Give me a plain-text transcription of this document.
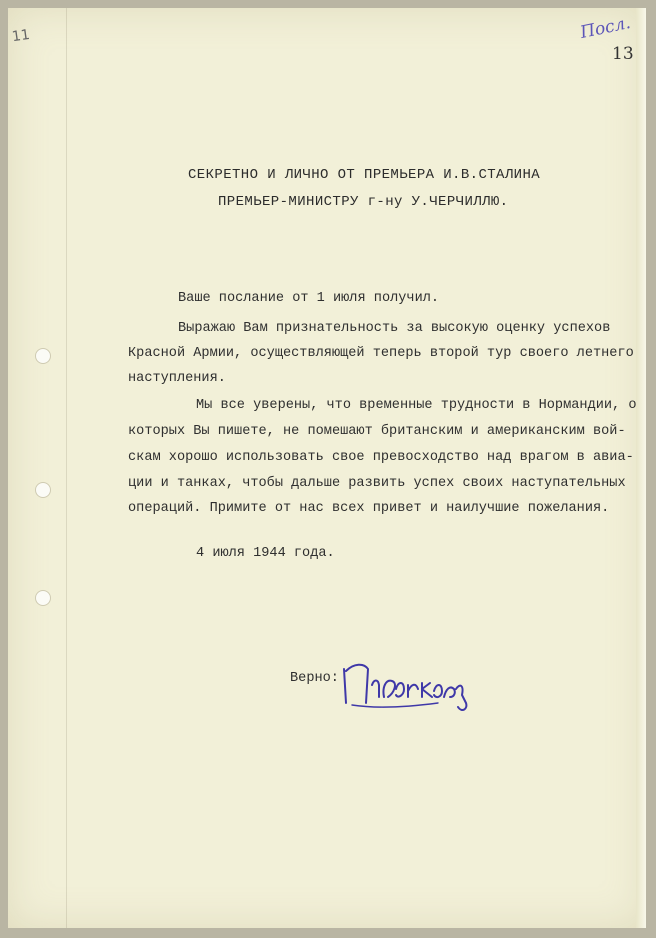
11	Поcл.
13
СЕКРЕТНО И ЛИЧНО ОТ ПРЕМЬЕРА И.В.СТАЛИНА
ПРЕМЬЕР-МИНИСТРУ г-ну У.ЧЕРЧИЛЛЮ.
Ваше послание от 1 июля получил.
Выражаю Вам признательность за высокую оценку успехов
Красной Армии, осуществляющей теперь второй тур своего летнего
наступления.
Мы все уверены, что временные трудности в Нормандии, о
которых Вы пишете, не помешают британским и американским вой-
скам хорошо использовать свое превосходство над врагом в авиа-
ции и танках, чтобы дальше развить успех своих наступательных
операций. Примите от нас всех привет и наилучшие пожелания.
4 июля 1944 года.
Верно:
